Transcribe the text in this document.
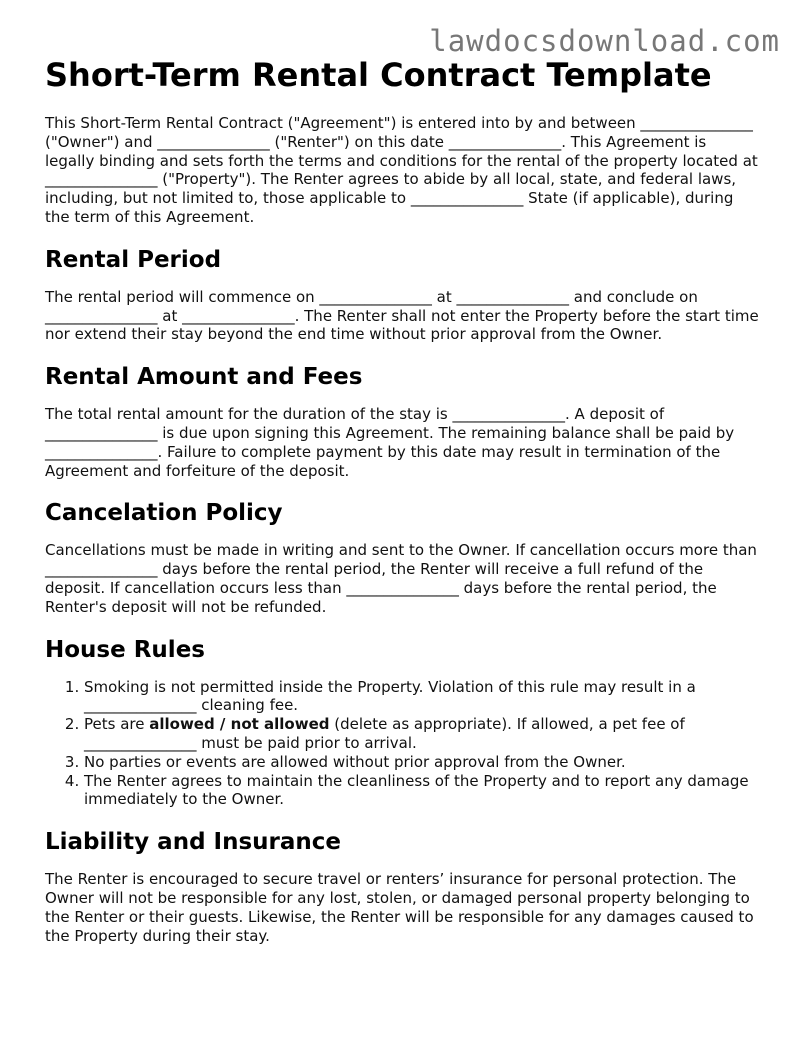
lawdocsdownload.com
Short-Term Rental Contract Template

This Short-Term Rental Contract ("Agreement") is entered into by and between _______________ ("Owner") and _______________ ("Renter") on this date _______________. This Agreement is legally binding and sets forth the terms and conditions for the rental of the property located at _______________ ("Property"). The Renter agrees to abide by all local, state, and federal laws, including, but not limited to, those applicable to _______________ State (if applicable), during the term of this Agreement.

Rental Period

The rental period will commence on _______________ at _______________ and conclude on _______________ at _______________. The Renter shall not enter the Property before the start time nor extend their stay beyond the end time without prior approval from the Owner.

Rental Amount and Fees

The total rental amount for the duration of the stay is _______________. A deposit of _______________ is due upon signing this Agreement. The remaining balance shall be paid by _______________. Failure to complete payment by this date may result in termination of the Agreement and forfeiture of the deposit.

Cancelation Policy

Cancellations must be made in writing and sent to the Owner. If cancellation occurs more than _______________ days before the rental period, the Renter will receive a full refund of the deposit. If cancellation occurs less than _______________ days before the rental period, the Renter's deposit will not be refunded.

House Rules
1. Smoking is not permitted inside the Property. Violation of this rule may result in a _______________ cleaning fee.
2. Pets are allowed / not allowed (delete as appropriate). If allowed, a pet fee of _______________ must be paid prior to arrival.
3. No parties or events are allowed without prior approval from the Owner.
4. The Renter agrees to maintain the cleanliness of the Property and to report any damage immediately to the Owner.
Liability and Insurance

The Renter is encouraged to secure travel or renters’ insurance for personal protection. The Owner will not be responsible for any lost, stolen, or damaged personal property belonging to the Renter or their guests. Likewise, the Renter will be responsible for any damages caused to the Property during their stay.
